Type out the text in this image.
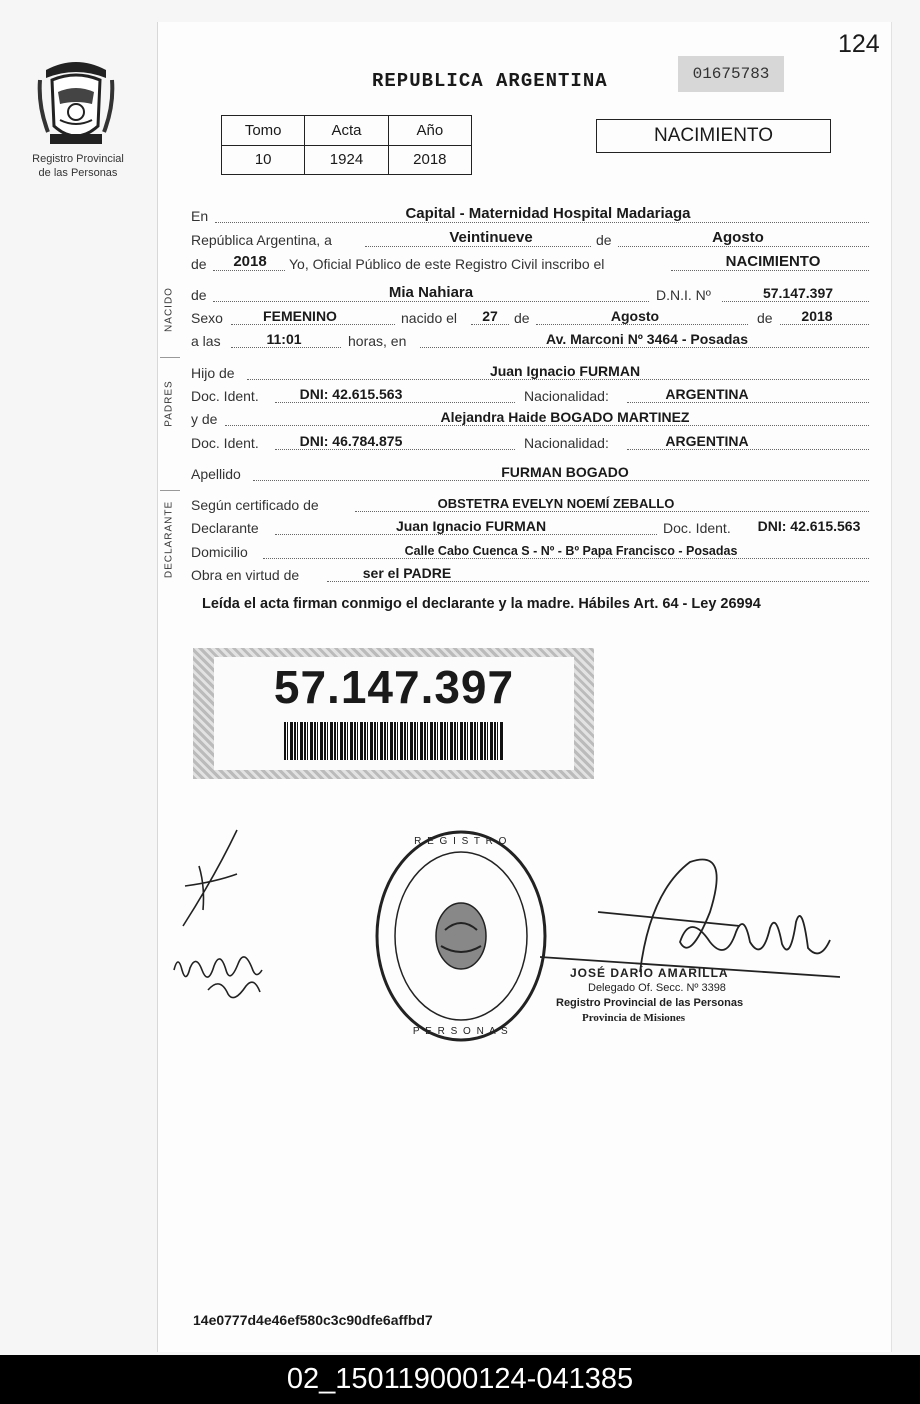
124
Registro Provincial
de las Personas
REPUBLICA ARGENTINA	01675783
Tomo	Acta	Año
10	1924	2018
NACIMIENTO
En	Capital - Maternidad Hospital Madariaga
República Argentina, a	Veintinueve	de	Agosto
de 2018 Yo, Oficial Público de este Registro Civil inscribo el	NACIMIENTO
NACIDO de	Mia Nahiara	D.N.I. Nº	57.147.397
Sexo	FEMENINO	nacido el 27 de	Agosto	de 2018
a las	11:01	horas, en	Av. Marconi Nº 3464 - Posadas
PADRES
Hijo de	Juan Ignacio FURMAN
Doc. Ident.	DNI: 42.615.563	Nacionalidad:	ARGENTINA
y de	Alejandra Haide BOGADO MARTINEZ
Doc. Ident.	DNI: 46.784.875	Nacionalidad:	ARGENTINA
Apellido	FURMAN BOGADO
DECLARANTE Según certificado de	OBSTETRA EVELYN NOEMÍ ZEBALLO
Declarante	Juan Ignacio FURMAN	Doc. Ident. DNI: 42.615.563
Domicilio	Calle Cabo Cuenca S - Nº - Bº Papa Francisco - Posadas
Obra en virtud de	ser el PADRE
Leída el acta firman conmigo el declarante y la madre. Hábiles Art. 64 - Ley 26994
57.147.397
R E G I S T R O
P E R S O N A S
JOSÉ DARÍO AMARILLA
Delegado Of. Secc. Nº 3398
Registro Provincial de las Personas
Provincia de Misiones
14e0777d4e46ef580c3c90dfe6affbd7
02_150119000124-041385
